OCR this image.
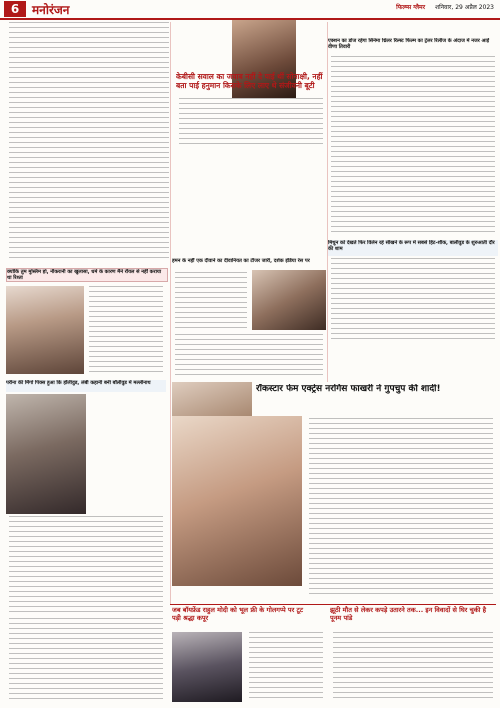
6	मनोरंजन	फिल्म्स ग्लैमर शनिवार, 29 अप्रैल 2023
केबीसी सवाल का जवाब नहीं दे पाई थीं सोनाक्षी, नहीं बता पाई हनुमान किसके लिए लाए थे संजीवनी बूटी
एक्शन का डोज रहेगा सिनेमा थ्रिलर रिल्स्ट फिल्म का ट्रेलर रिलीज के अंदाज में नजर आईं वीणा तिवारी
मिथुन को देखते फिर विलेन रहे सीखने के रूप में सबसे हिट-शौक, बालीवुड के शुरुआती दौर की शाम
क्योंकि तुम मुस्लिम हो, नौकरानी का खुलासा, धर्म के कारण मैंने रॉयल से नहीं कराया था रिश्ता
हमन के नहीं एक दीवाने का दीवानियत का टीजर जारी, दर्शक इंडिया रेस पर
परीना की मिंगो पिक्स हुआ कि हॉलीवुड, लंबी कहानी बनी बॉलीवुड में मल्लीनाथ
रॉकस्टार फेम एक्ट्रेस नरगिस फाखरी ने गुपचुप की शादी!
जब बॉयफ्रेंड राहुल मोदी को भूल फ्री के गोलगप्पे पर टूट पड़ी श्रद्धा कपूर
झूठी मौत से लेकर कपड़े उतारने तक... इन विवादों से घिर चुकी है पूनम पांडे
